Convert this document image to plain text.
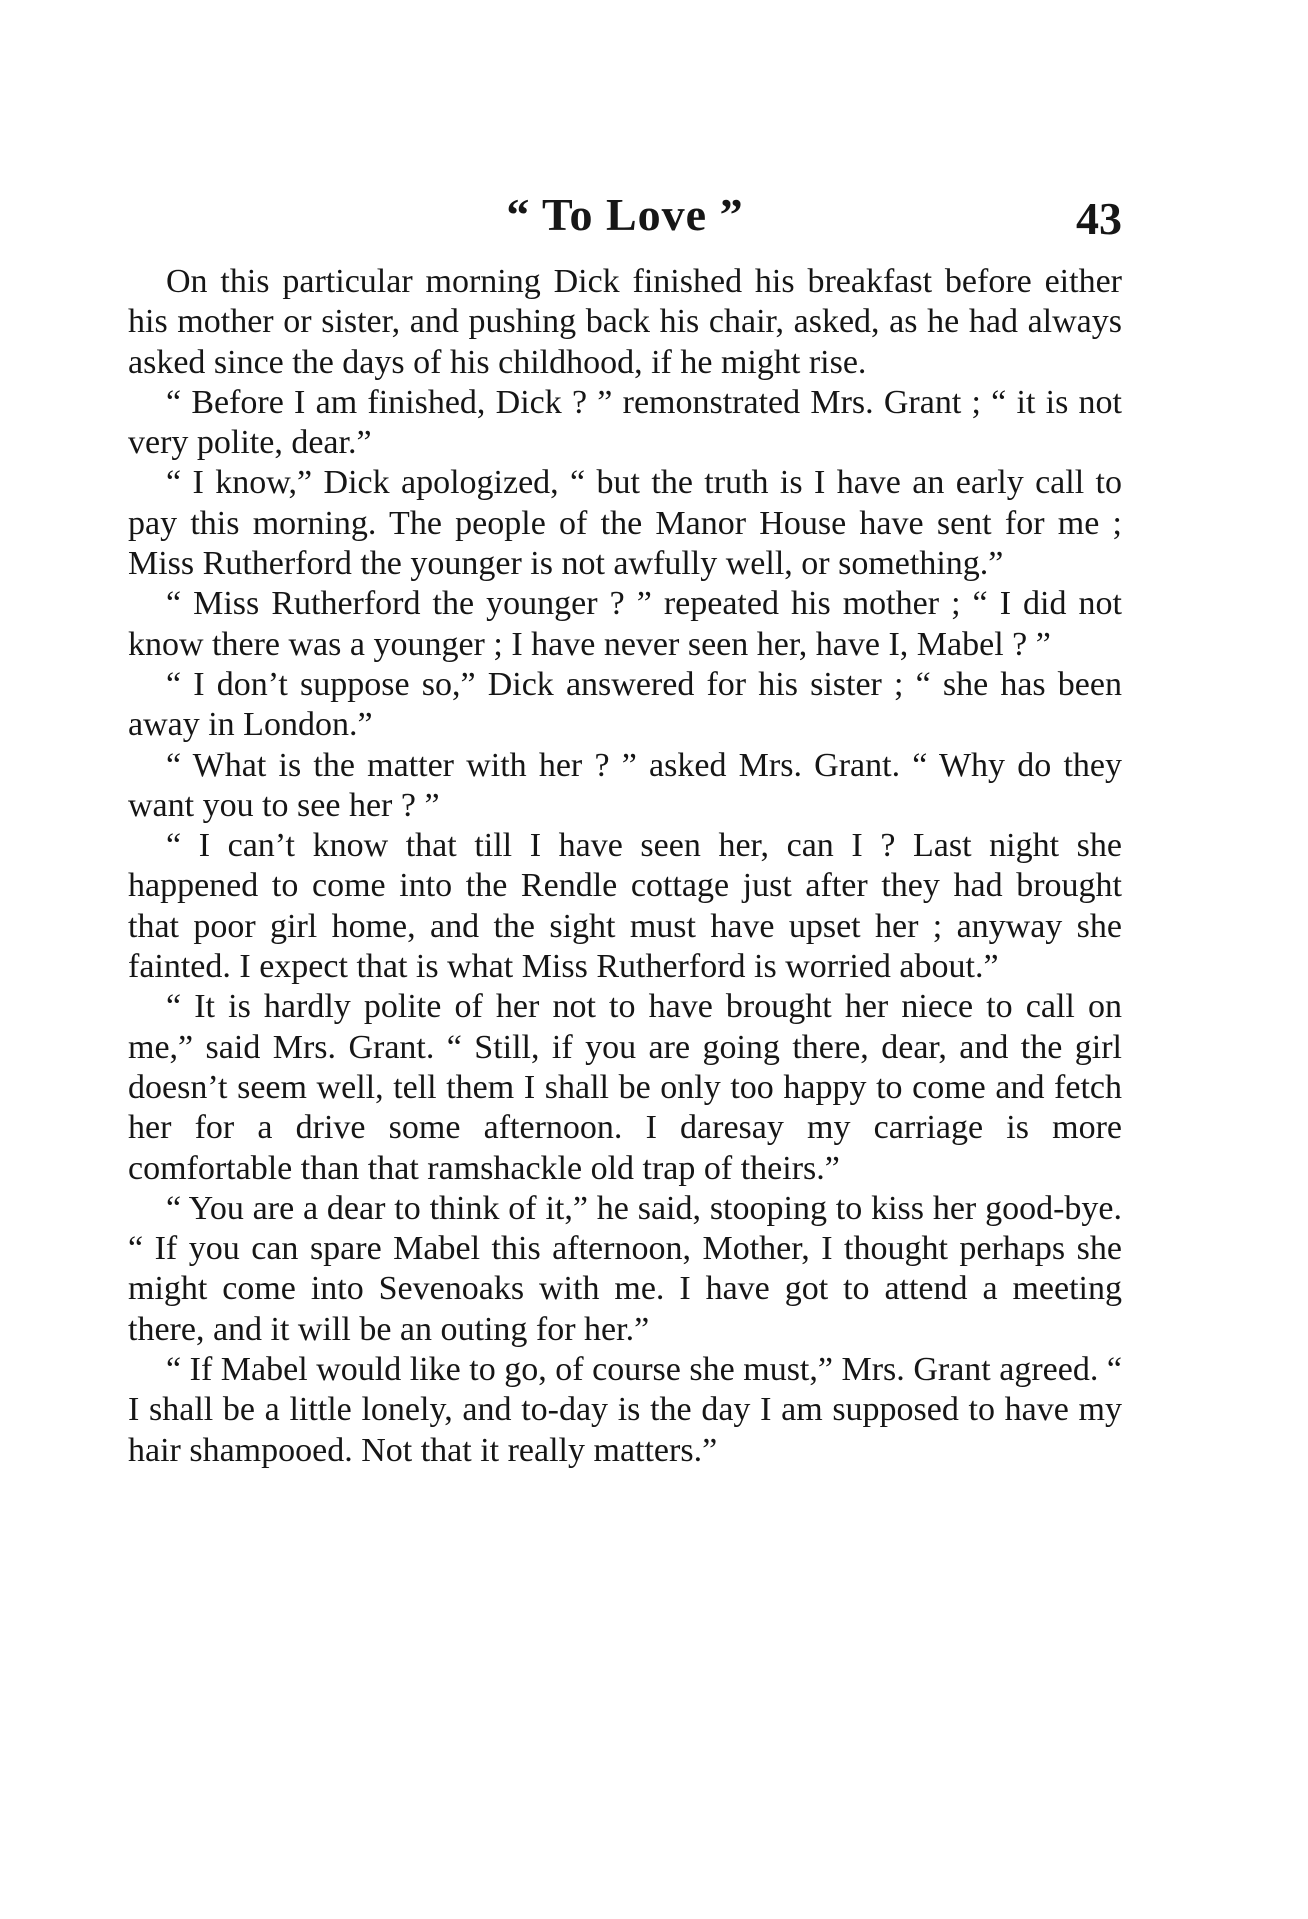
“ To Love ”	43

On this particular morning Dick finished his breakfast before either his mother or sister, and pushing back his chair, asked, as he had always asked since the days of his childhood, if he might rise.

“ Before I am finished, Dick ? ” remonstrated Mrs. Grant ; “ it is not very polite, dear.”

“ I know,” Dick apologized, “ but the truth is I have an early call to pay this morning. The people of the Manor House have sent for me ; Miss Rutherford the younger is not awfully well, or something.”

“ Miss Rutherford the younger ? ” repeated his mother ; “ I did not know there was a younger ; I have never seen her, have I, Mabel ? ”

“ I don’t suppose so,” Dick answered for his sister ; “ she has been away in London.”

“ What is the matter with her ? ” asked Mrs. Grant. “ Why do they want you to see her ? ”

“ I can’t know that till I have seen her, can I ? Last night she happened to come into the Rendle cottage just after they had brought that poor girl home, and the sight must have upset her ; anyway she fainted. I expect that is what Miss Rutherford is worried about.”

“ It is hardly polite of her not to have brought her niece to call on me,” said Mrs. Grant. “ Still, if you are going there, dear, and the girl doesn’t seem well, tell them I shall be only too happy to come and fetch her for a drive some afternoon. I daresay my carriage is more comfortable than that ramshackle old trap of theirs.”

“ You are a dear to think of it,” he said, stooping to kiss her good-bye. “ If you can spare Mabel this afternoon, Mother, I thought perhaps she might come into Sevenoaks with me. I have got to attend a meeting there, and it will be an outing for her.”

“ If Mabel would like to go, of course she must,” Mrs. Grant agreed. “ I shall be a little lonely, and to-day is the day I am supposed to have my hair shampooed. Not that it really matters.”
